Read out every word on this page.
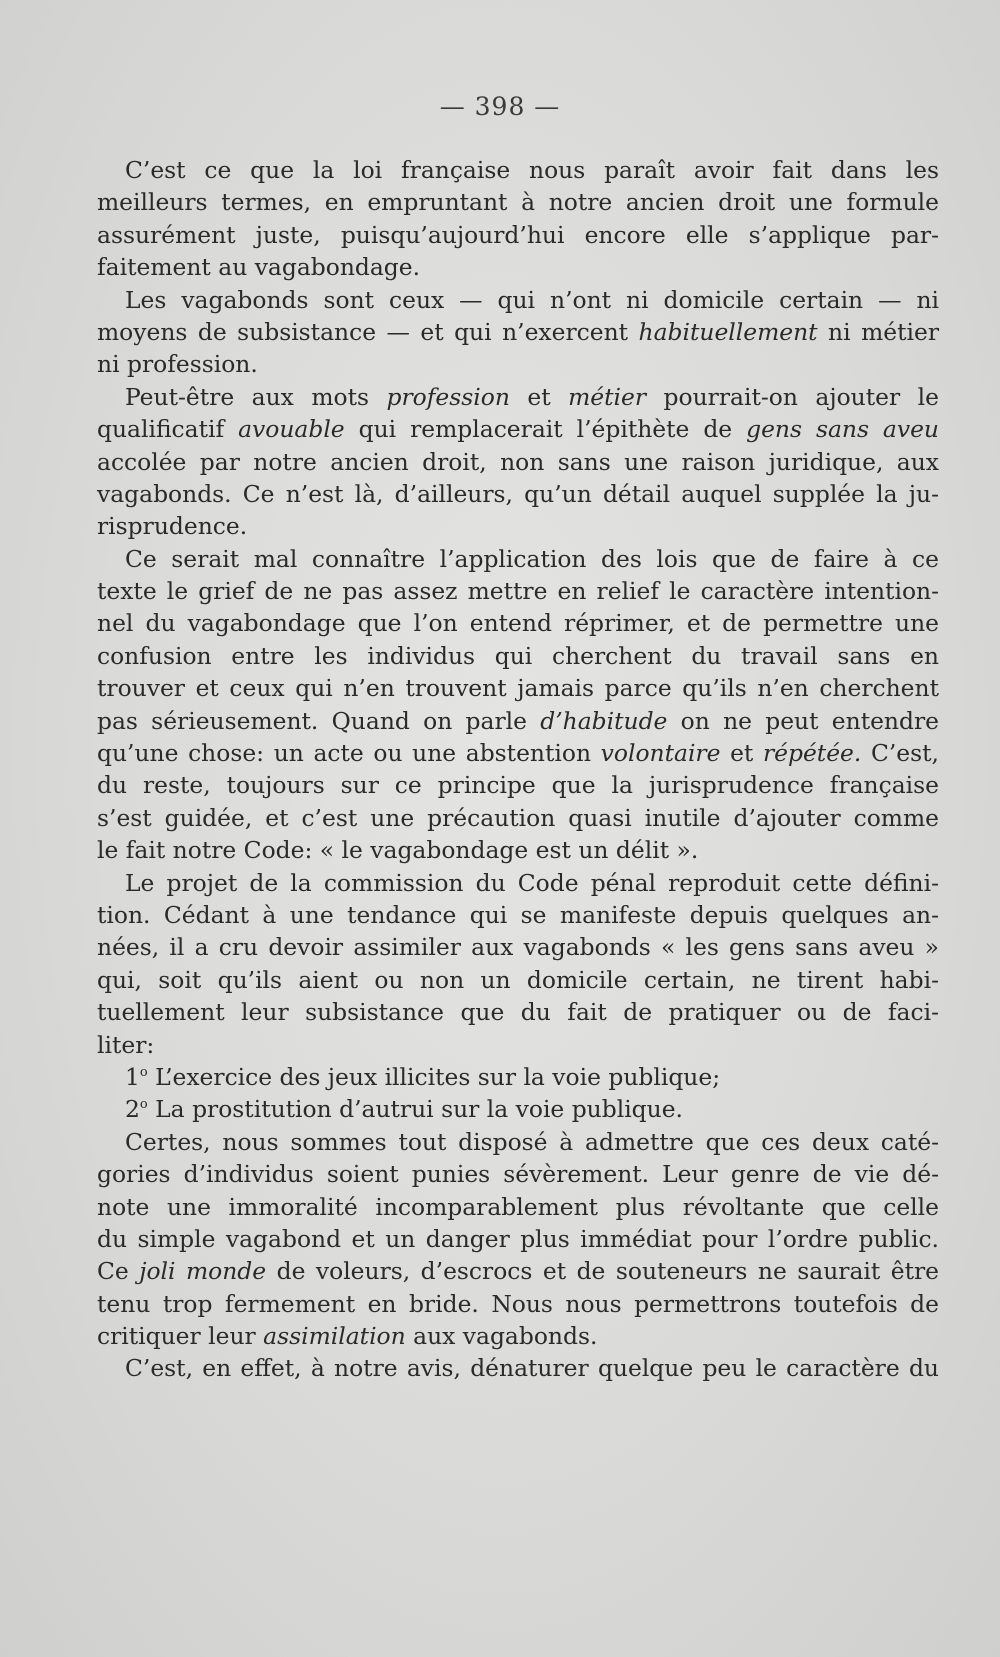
— 398 —
C’est ce que la loi française nous paraît avoir fait dans les
meilleurs termes, en empruntant à notre ancien droit une formule
assurément juste, puisqu’aujourd’hui encore elle s’applique par-
faitement au vagabondage.
Les vagabonds sont ceux — qui n’ont ni domicile certain — ni
moyens de subsistance — et qui n’exercent habituellement ni métier
ni profession.
Peut-être aux mots profession et métier pourrait-on ajouter le
qualificatif avouable qui remplacerait l’épithète de gens sans aveu
accolée par notre ancien droit, non sans une raison juridique, aux
vagabonds. Ce n’est là, d’ailleurs, qu’un détail auquel supplée la ju-
risprudence.
Ce serait mal connaître l’application des lois que de faire à ce
texte le grief de ne pas assez mettre en relief le caractère intention-
nel du vagabondage que l’on entend réprimer, et de permettre une
confusion entre les individus qui cherchent du travail sans en
trouver et ceux qui n’en trouvent jamais parce qu’ils n’en cherchent
pas sérieusement. Quand on parle d’habitude on ne peut entendre
qu’une chose: un acte ou une abstention volontaire et répétée. C’est,
du reste, toujours sur ce principe que la jurisprudence française
s’est guidée, et c’est une précaution quasi inutile d’ajouter comme
le fait notre Code: « le vagabondage est un délit ».
Le projet de la commission du Code pénal reproduit cette défini-
tion. Cédant à une tendance qui se manifeste depuis quelques an-
nées, il a cru devoir assimiler aux vagabonds « les gens sans aveu »
qui, soit qu’ils aient ou non un domicile certain, ne tirent habi-
tuellement leur subsistance que du fait de pratiquer ou de faci-
liter:
1$^o$ L’exercice des jeux illicites sur la voie publique;
2$^o$ La prostitution d’autrui sur la voie publique.
Certes, nous sommes tout disposé à admettre que ces deux caté-
gories d’individus soient punies sévèrement. Leur genre de vie dé-
note une immoralité incomparablement plus révoltante que celle
du simple vagabond et un danger plus immédiat pour l’ordre public.
Ce joli monde de voleurs, d’escrocs et de souteneurs ne saurait être
tenu trop fermement en bride. Nous nous permettrons toutefois de
critiquer leur assimilation aux vagabonds.
C’est, en effet, à notre avis, dénaturer quelque peu le caractère du
